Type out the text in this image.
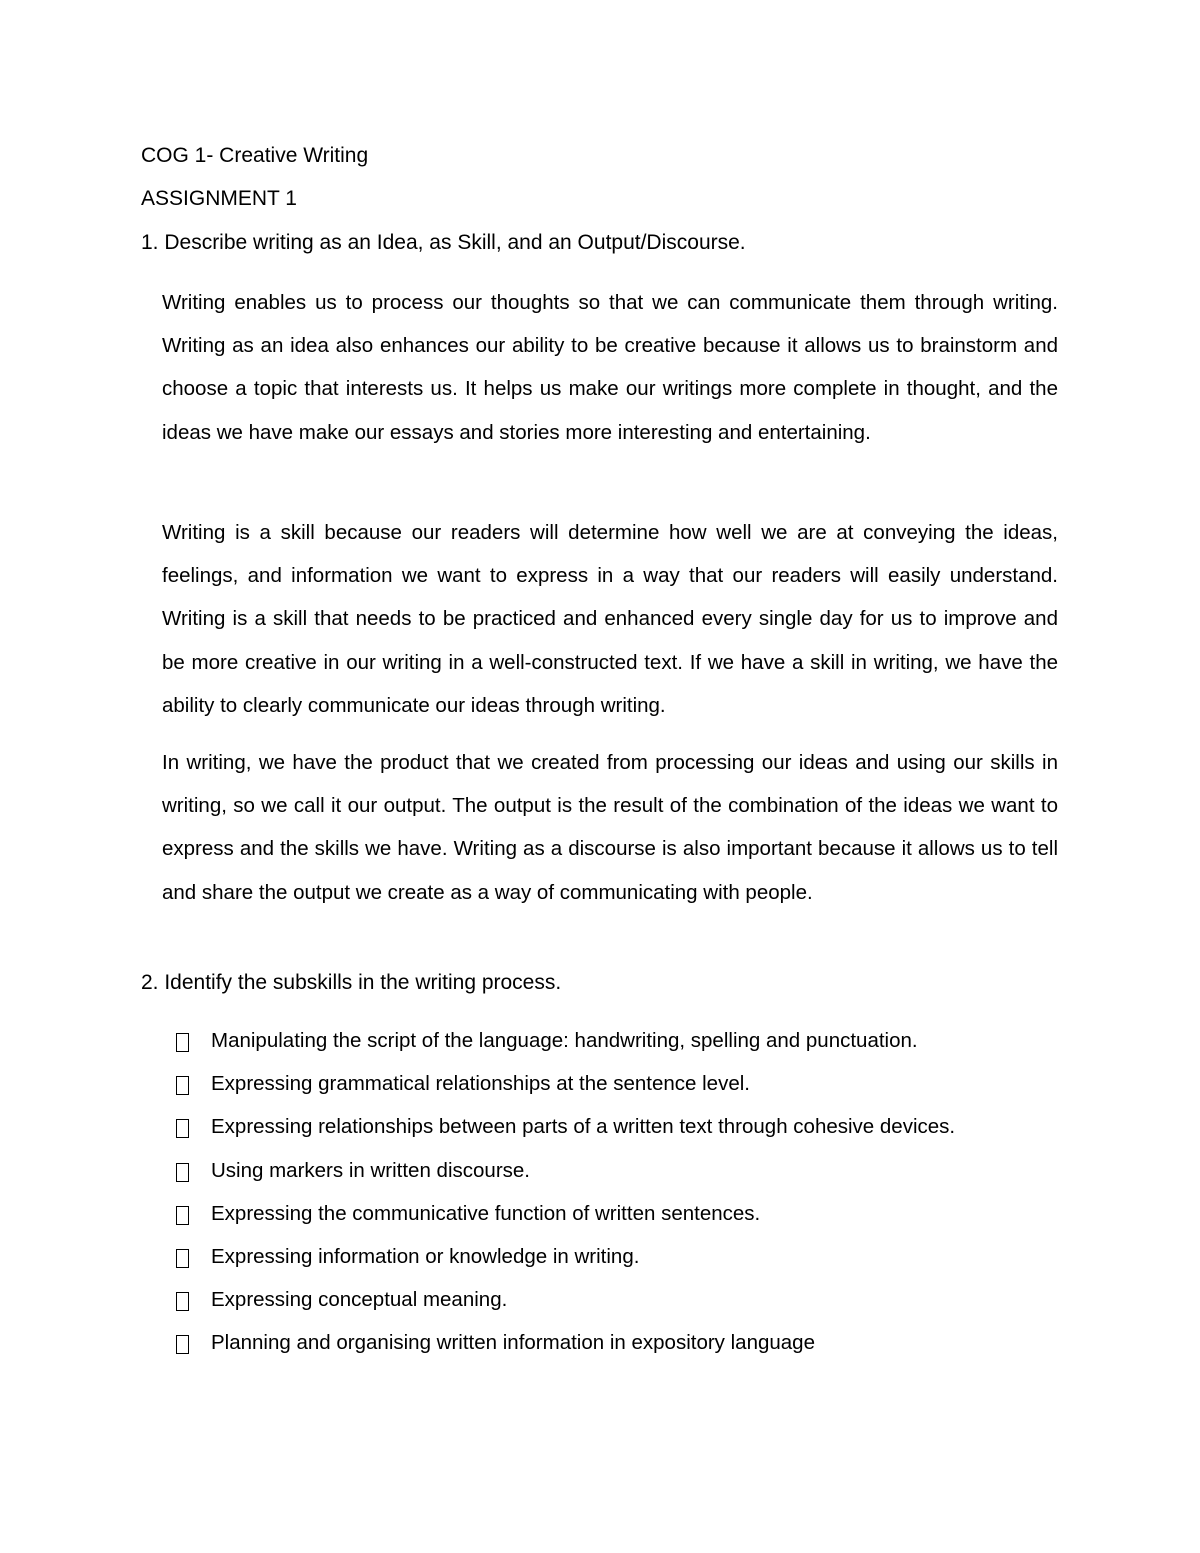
COG 1- Creative Writing
ASSIGNMENT 1
1. Describe writing as an Idea, as Skill, and an Output/Discourse.

Writing enables us to process our thoughts so that we can communicate them through writing. Writing as an idea also enhances our ability to be creative because it allows us to brainstorm and choose a topic that interests us. It helps us make our writings more complete in thought, and the ideas we have make our essays and stories more interesting and entertaining.

Writing is a skill because our readers will determine how well we are at conveying the ideas, feelings, and information we want to express in a way that our readers will easily understand. Writing is a skill that needs to be practiced and enhanced every single day for us to improve and be more creative in our writing in a well-constructed text. If we have a skill in writing, we have the ability to clearly communicate our ideas through writing.

In writing, we have the product that we created from processing our ideas and using our skills in writing, so we call it our output. The output is the result of the combination of the ideas we want to express and the skills we have. Writing as a discourse is also important because it allows us to tell and share the output we create as a way of communicating with people.

2. Identify the subskills in the writing process.
Manipulating the script of the language: handwriting, spelling and punctuation.
Expressing grammatical relationships at the sentence level.
Expressing relationships between parts of a written text through cohesive devices.
Using markers in written discourse.
Expressing the communicative function of written sentences.
Expressing information or knowledge in writing.
Expressing conceptual meaning.
Planning and organising written information in expository language
